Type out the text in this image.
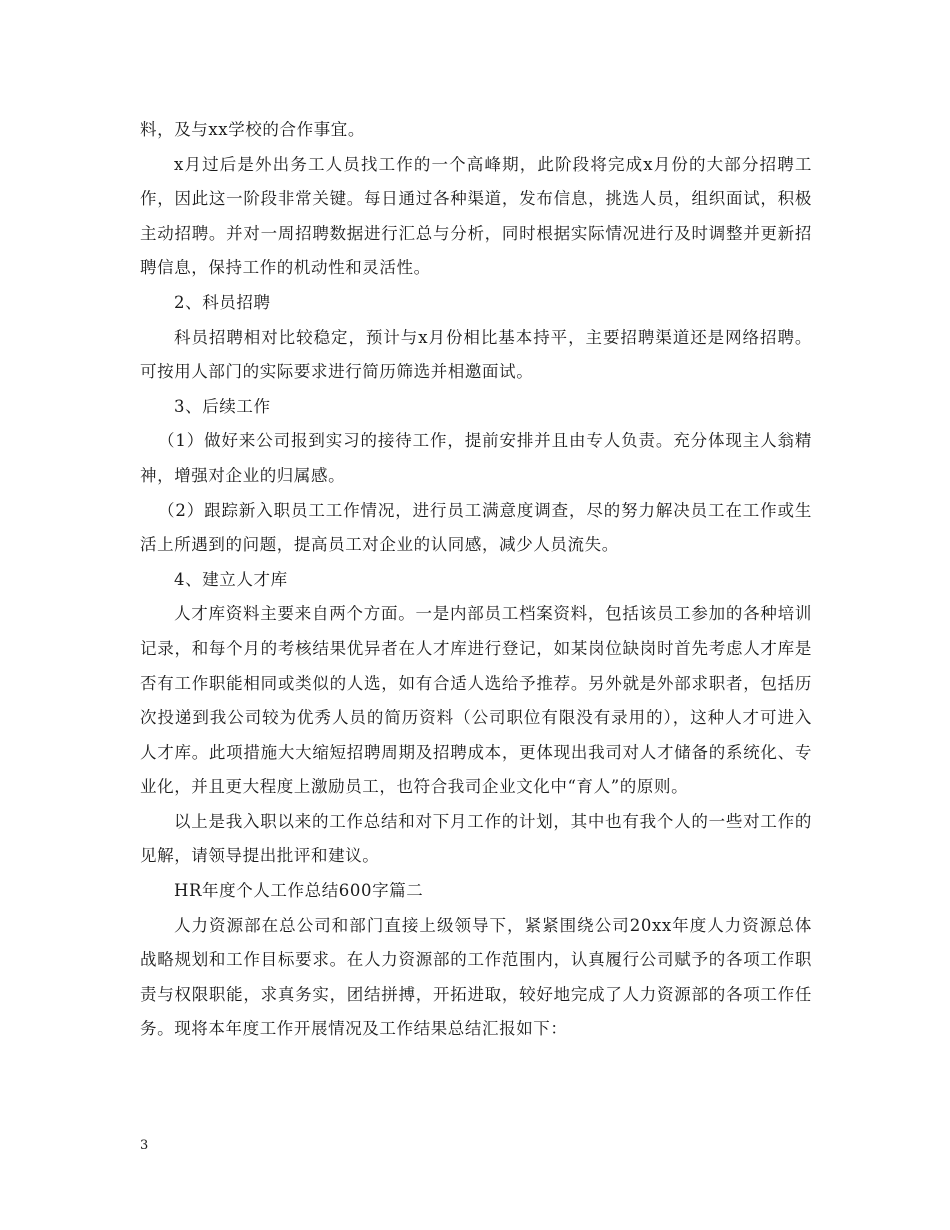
料，及与xx学校的合作事宜。

x月过后是外出务工人员找工作的一个高峰期，此阶段将完成x月份的大部分招聘工作，因此这一阶段非常关键。每日通过各种渠道，发布信息，挑选人员，组织面试，积极主动招聘。并对一周招聘数据进行汇总与分析，同时根据实际情况进行及时调整并更新招聘信息，保持工作的机动性和灵活性。

2、科员招聘

科员招聘相对比较稳定，预计与x月份相比基本持平，主要招聘渠道还是网络招聘。可按用人部门的实际要求进行简历筛选并相邀面试。

3、后续工作

（1）做好来公司报到实习的接待工作，提前安排并且由专人负责。充分体现主人翁精神，增强对企业的归属感。

（2）跟踪新入职员工工作情况，进行员工满意度调查，尽的努力解决员工在工作或生活上所遇到的问题，提高员工对企业的认同感，减少人员流失。

4、建立人才库

人才库资料主要来自两个方面。一是内部员工档案资料，包括该员工参加的各种培训记录，和每个月的考核结果优异者在人才库进行登记，如某岗位缺岗时首先考虑人才库是否有工作职能相同或类似的人选，如有合适人选给予推荐。另外就是外部求职者，包括历次投递到我公司较为优秀人员的简历资料（公司职位有限没有录用的），这种人才可进入人才库。此项措施大大缩短招聘周期及招聘成本，更体现出我司对人才储备的系统化、专业化，并且更大程度上激励员工，也符合我司企业文化中“育人”的原则。

以上是我入职以来的工作总结和对下月工作的计划，其中也有我个人的一些对工作的见解，请领导提出批评和建议。

HR年度个人工作总结600字篇二

人力资源部在总公司和部门直接上级领导下，紧紧围绕公司20xx年度人力资源总体战略规划和工作目标要求。在人力资源部的工作范围内，认真履行公司赋予的各项工作职责与权限职能，求真务实，团结拼搏，开拓进取，较好地完成了人力资源部的各项工作任务。现将本年度工作开展情况及工作结果总结汇报如下：

3
